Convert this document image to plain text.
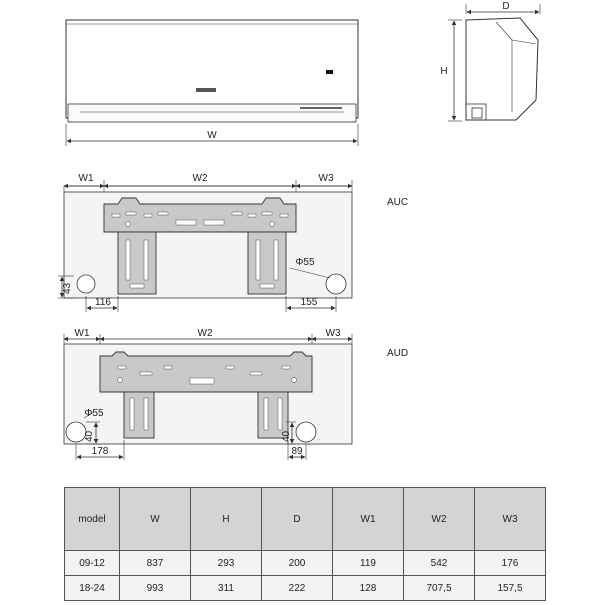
W
D
H
W1	W2	W3
43
116
Φ55
155
W1	W2	W3
Φ55
40
178
40
89
AUC
AUD
model	W	H	D	W1	W2	W3
09-12	837	293	200	119	542	176
18-24	993	311	222	128	707,5	157,5
